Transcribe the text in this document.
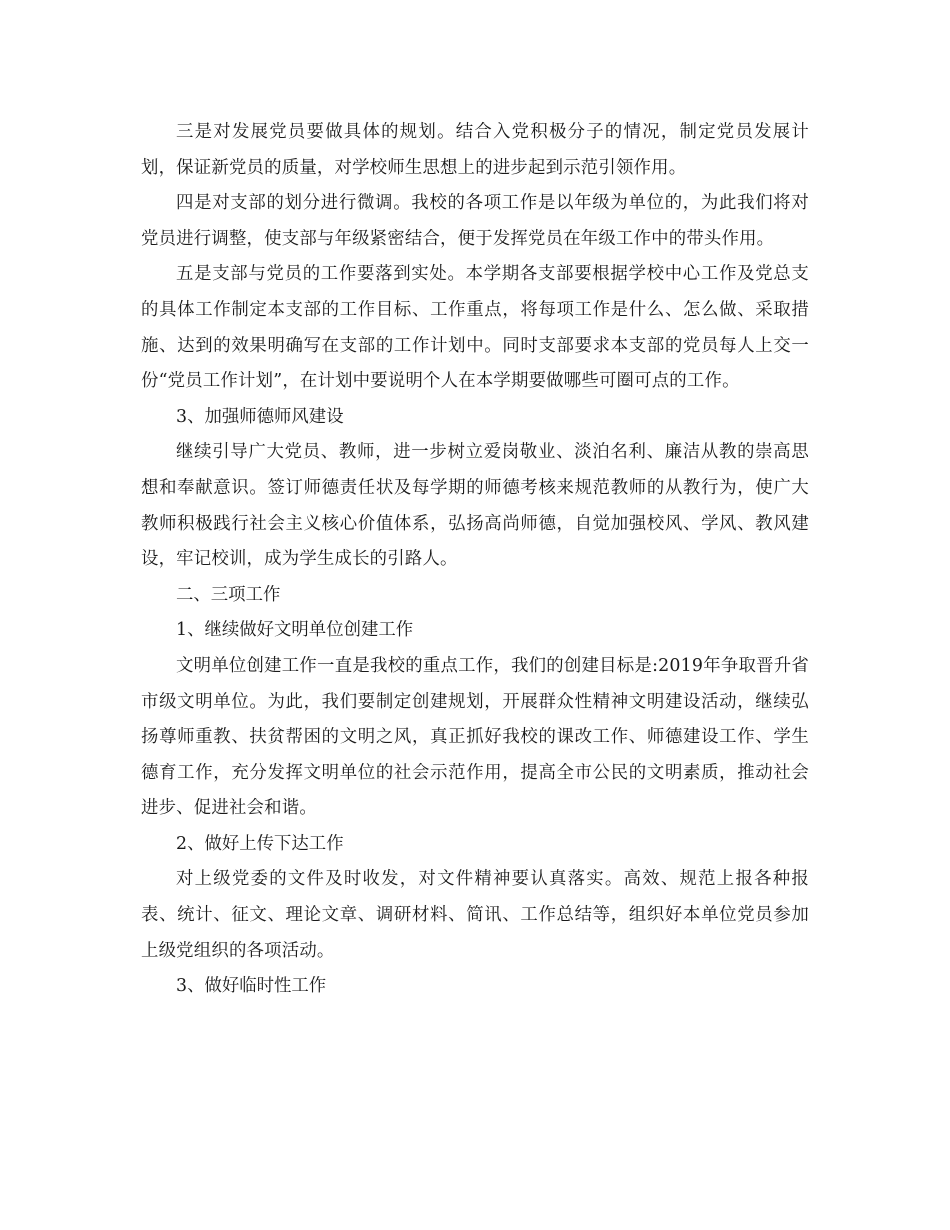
三是对发展党员要做具体的规划。结合入党积极分子的情况，制定党员发展计划，保证新党员的质量，对学校师生思想上的进步起到示范引领作用。

四是对支部的划分进行微调。我校的各项工作是以年级为单位的，为此我们将对党员进行调整，使支部与年级紧密结合，便于发挥党员在年级工作中的带头作用。

五是支部与党员的工作要落到实处。本学期各支部要根据学校中心工作及党总支的具体工作制定本支部的工作目标、工作重点，将每项工作是什么、怎么做、采取措施、达到的效果明确写在支部的工作计划中。同时支部要求本支部的党员每人上交一份“党员工作计划”，在计划中要说明个人在本学期要做哪些可圈可点的工作。

3、加强师德师风建设

继续引导广大党员、教师，进一步树立爱岗敬业、淡泊名利、廉洁从教的崇高思想和奉献意识。签订师德责任状及每学期的师德考核来规范教师的从教行为，使广大教师积极践行社会主义核心价值体系，弘扬高尚师德，自觉加强校风、学风、教风建设，牢记校训，成为学生成长的引路人。

二、三项工作

1、继续做好文明单位创建工作

文明单位创建工作一直是我校的重点工作，我们的创建目标是:2019年争取晋升省市级文明单位。为此，我们要制定创建规划，开展群众性精神文明建设活动，继续弘扬尊师重教、扶贫帮困的文明之风，真正抓好我校的课改工作、师德建设工作、学生德育工作，充分发挥文明单位的社会示范作用，提高全市公民的文明素质，推动社会进步、促进社会和谐。

2、做好上传下达工作

对上级党委的文件及时收发，对文件精神要认真落实。高效、规范上报各种报表、统计、征文、理论文章、调研材料、简讯、工作总结等，组织好本单位党员参加上级党组织的各项活动。

3、做好临时性工作
